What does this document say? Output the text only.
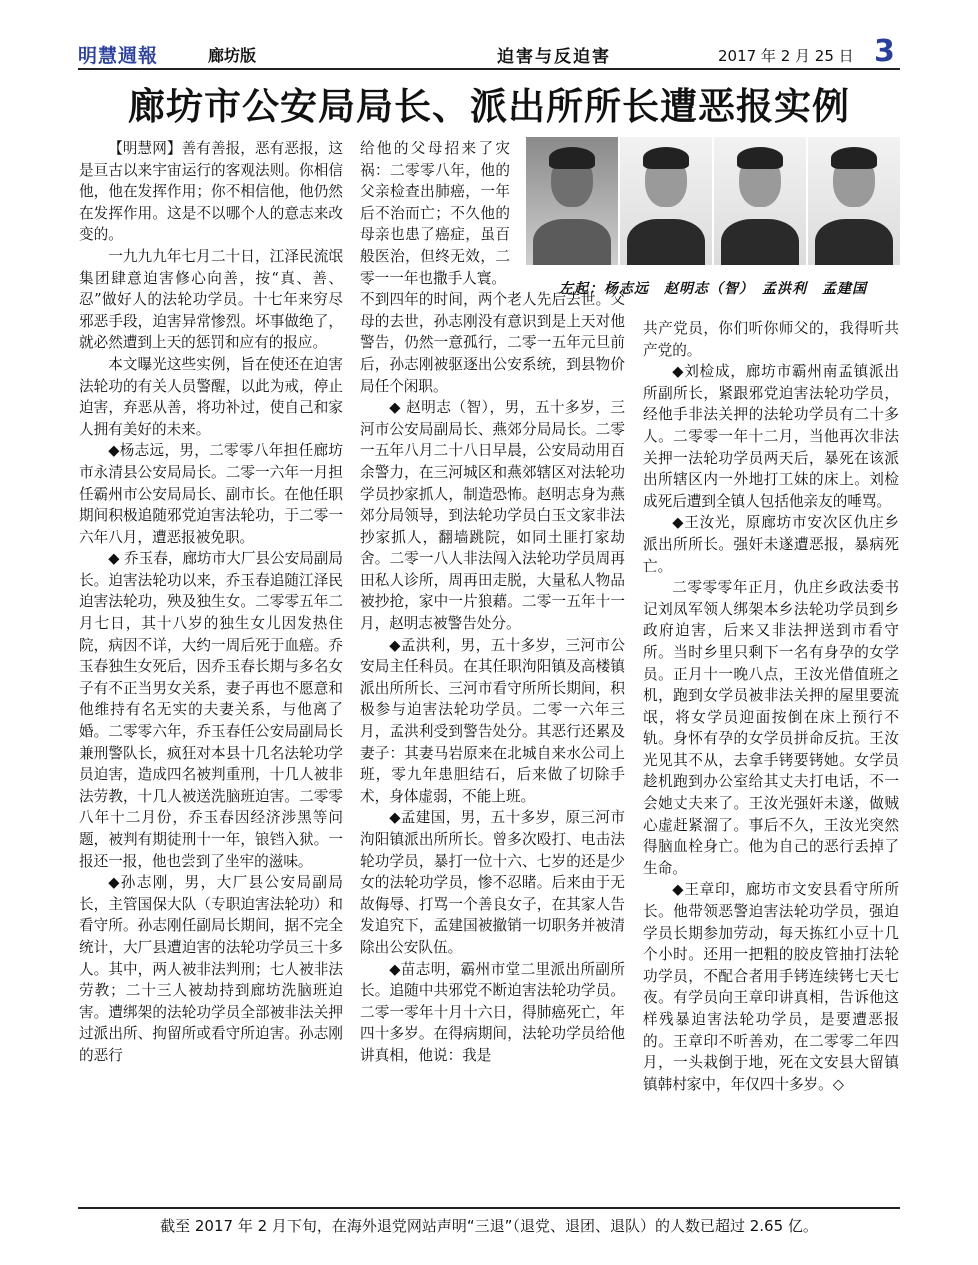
明慧週報	廊坊版	迫害与反迫害	2017 年 2 月 25 日 3
廊坊市公安局局长、派出所所长遭恶报实例

【明慧网】善有善报，恶有恶报，这是亘古以来宇宙运行的客观法则。你相信他，他在发挥作用；你不相信他，他仍然在发挥作用。这是不以哪个人的意志来改变的。

一九九九年七月二十日，江泽民流氓集团肆意迫害修心向善，按“真、善、忍”做好人的法轮功学员。十七年来穷尽邪恶手段，迫害异常惨烈。坏事做绝了，就必然遭到上天的惩罚和应有的报应。

本文曝光这些实例，旨在使还在迫害法轮功的有关人员警醒，以此为戒，停止迫害，弃恶从善，将功补过，使自己和家人拥有美好的未来。

◆杨志远，男，二零零八年担任廊坊市永清县公安局局长。二零一六年一月担任霸州市公安局局长、副市长。在他任职期间积极追随邪党迫害法轮功，于二零一六年八月，遭恶报被免职。

◆ 乔玉春，廊坊市大厂县公安局副局长。迫害法轮功以来，乔玉春追随江泽民迫害法轮功，殃及独生女。二零零五年二月七日，其十八岁的独生女儿因发热住院，病因不详，大约一周后死于血癌。乔玉春独生女死后，因乔玉春长期与多名女子有不正当男女关系，妻子再也不愿意和他维持有名无实的夫妻关系，与他离了婚。二零零六年，乔玉春任公安局副局长兼刑警队长，疯狂对本县十几名法轮功学员迫害，造成四名被判重刑，十几人被非法劳教，十几人被送洗脑班迫害。二零零八年十二月份，乔玉春因经济涉黑等问题，被判有期徒刑十一年，锒铛入狱。一报还一报，他也尝到了坐牢的滋味。

◆孙志刚，男，大厂县公安局副局长，主管国保大队（专职迫害法轮功）和看守所。孙志刚任副局长期间，据不完全统计，大厂县遭迫害的法轮功学员三十多人。其中，两人被非法判刑；七人被非法劳教；二十三人被劫持到廊坊洗脑班迫害。遭绑架的法轮功学员全部被非法关押过派出所、拘留所或看守所迫害。孙志刚的恶行

给他的父母招来了灾祸：二零零八年，他的父亲检查出肺癌，一年后不治而亡；不久他的母亲也患了癌症，虽百般医治，但终无效，二零一一年也撒手人寰。

不到四年的时间，两个老人先后去世。父母的去世，孙志刚没有意识到是上天对他警告，仍然一意孤行，二零一五年元旦前后，孙志刚被驱逐出公安系统，到县物价局任个闲职。

◆ 赵明志（智），男，五十多岁，三河市公安局副局长、燕郊分局局长。二零一五年八月二十八日早晨，公安局动用百余警力，在三河城区和燕郊辖区对法轮功学员抄家抓人，制造恐怖。赵明志身为燕郊分局领导，到法轮功学员白玉文家非法抄家抓人，翻墙跳院，如同土匪打家劫舍。二零一八人非法闯入法轮功学员周再田私人诊所，周再田走脱，大量私人物品被抄抢，家中一片狼藉。二零一五年十一月，赵明志被警告处分。

◆孟洪利，男，五十多岁，三河市公安局主任科员。在其任职泃阳镇及高楼镇派出所所长、三河市看守所所长期间，积极参与迫害法轮功学员。二零一六年三月，孟洪利受到警告处分。其恶行还累及妻子：其妻马岩原来在北城自来水公司上班，零九年患胆结石，后来做了切除手术，身体虚弱，不能上班。

◆孟建国，男，五十多岁，原三河市泃阳镇派出所所长。曾多次殴打、电击法轮功学员，暴打一位十六、七岁的还是少女的法轮功学员，惨不忍睹。后来由于无故侮辱、打骂一个善良女子，在其家人告发追究下，孟建国被撤销一切职务并被清除出公安队伍。

◆苗志明，霸州市堂二里派出所副所长。追随中共邪党不断迫害法轮功学员。二零一零年十月十六日，得肺癌死亡，年四十多岁。在得病期间，法轮功学员给他讲真相，他说：我是

左起：杨志远　赵明志（智）　孟洪利　孟建国

共产党员，你们听你师父的，我得听共产党的。

◆刘检成，廊坊市霸州南孟镇派出所副所长，紧跟邪党迫害法轮功学员，经他手非法关押的法轮功学员有二十多人。二零零一年十二月，当他再次非法关押一法轮功学员两天后，暴死在该派出所辖区内一外地打工妹的床上。刘检成死后遭到全镇人包括他亲友的唾骂。

◆王汝光，原廊坊市安次区仇庄乡派出所所长。强奸未遂遭恶报，暴病死亡。

二零零零年正月，仇庄乡政法委书记刘凤军领人绑架本乡法轮功学员到乡政府迫害，后来又非法押送到市看守所。当时乡里只剩下一名有身孕的女学员。正月十一晚八点，王汝光借值班之机，跑到女学员被非法关押的屋里要流氓，将女学员迎面按倒在床上预行不轨。身怀有孕的女学员拼命反抗。王汝光见其不从，去拿手铐要铐她。女学员趁机跑到办公室给其丈夫打电话，不一会她丈夫来了。王汝光强奸未遂，做贼心虚赶紧溜了。事后不久，王汝光突然得脑血栓身亡。他为自己的恶行丢掉了生命。

◆王章印，廊坊市文安县看守所所长。他带领恶警迫害法轮功学员，强迫学员长期参加劳动，每天拣红小豆十几个小时。还用一把粗的胶皮管抽打法轮功学员，不配合者用手铐连续铐七天七夜。有学员向王章印讲真相，告诉他这样残暴迫害法轮功学员，是要遭恶报的。王章印不听善劝，在二零零二年四月，一头栽倒于地，死在文安县大留镇镇韩村家中，年仅四十多岁。◇

截至 2017 年 2 月下旬，在海外退党网站声明“三退”（退党、退团、退队）的人数已超过 2.65 亿。
